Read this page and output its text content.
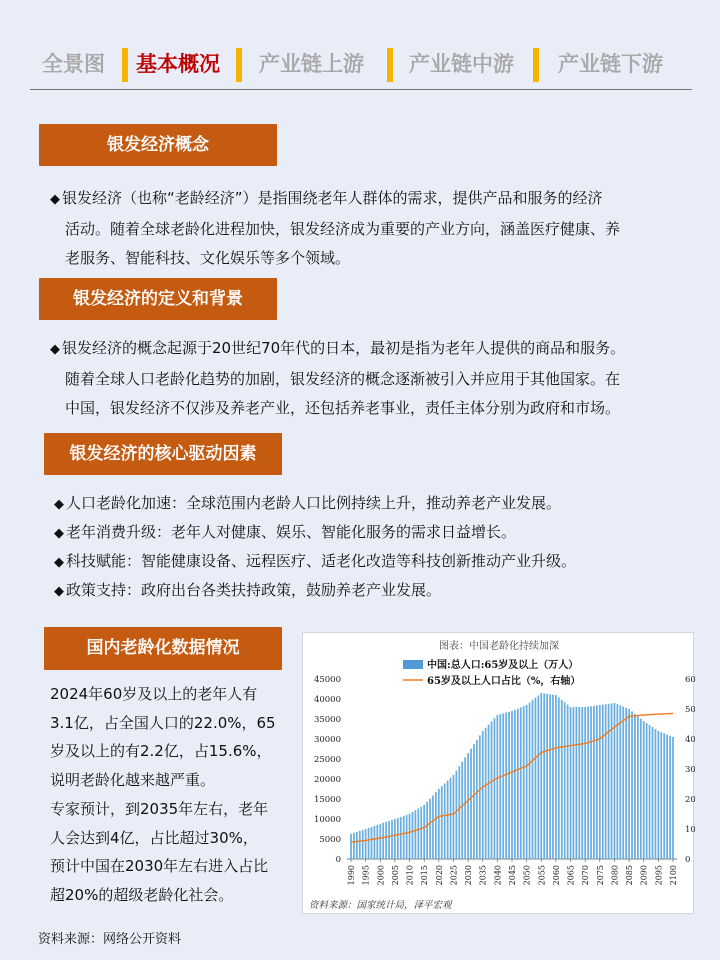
全景图 基本概况 产业链上游 产业链中游 产业链下游
银发经济概念
◆ 银发经济（也称“老龄经济”）是指围绕老年人群体的需求，提供产品和服务的经济
活动。随着全球老龄化进程加快，银发经济成为重要的产业方向，涵盖医疗健康、养
老服务、智能科技、文化娱乐等多个领域。
银发经济的定义和背景
◆ 银发经济的概念起源于20世纪70年代的日本，最初是指为老年人提供的商品和服务。
随着全球人口老龄化趋势的加剧，银发经济的概念逐渐被引入并应用于其他国家。在
中国，银发经济不仅涉及养老产业，还包括养老事业，责任主体分别为政府和市场。
银发经济的核心驱动因素
◆ 人口老龄化加速：全球范围内老龄人口比例持续上升，推动养老产业发展。
◆ 老年消费升级：老年人对健康、娱乐、智能化服务的需求日益增长。
◆ 科技赋能：智能健康设备、远程医疗、适老化改造等科技创新推动产业升级。
◆ 政策支持：政府出台各类扶持政策，鼓励养老产业发展。
国内老龄化数据情况
2024年60岁及以上的老年人有
3.1亿，占全国人口的22.0%，65
岁及以上的有2.2亿，占15.6%，
说明老龄化越来越严重。
专家预计，到2035年左右，老年
人会达到4亿，占比超过30%，
预计中国在2030年左右进入占比
超20%的超级老龄化社会。
图表：中国老龄化持续加深
中国:总人口:65岁及以上（万人）
65岁及以上人口占比（%，右轴）
0
5000
10000
15000
20000
25000
30000
35000
40000
45000
0
10
20
30
40
50
60
1990 1995 2000 2005 2010 2015 2020 2025 2030 2035 2040 2045 2050 2055 2060 2065 2070 2075 2080 2085 2090 2095 2100
资料来源：国家统计局，泽平宏观
资料来源：网络公开资料
